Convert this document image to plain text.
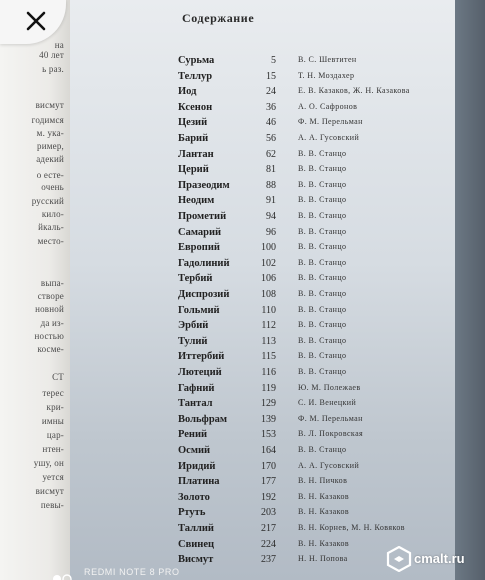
на
40 лет
ь раз.
висмут
годимся
м. ука-
ример,
адекий
о есте-
очень
русский
кило-
йкаль-
место-
выпа-
створе
новной
да из-
ностью
косме-
СТ
терес
кри-
имны
цар-
нтен-
ушу, он
уется
висмут
певы-
Содержание
Сурьма	5	В. С. Шевтитен
Теллур	15	Т. Н. Моздахер
Иод	24	Е. В. Казаков, Ж. Н. Казакова
Ксенон	36	А. О. Сафронов
Цезий	46	Ф. М. Перельман
Барий	56	А. А. Гусовский
Лантан	62	В. В. Станцо
Церий	81	В. В. Станцо
Празеодим	88	В. В. Станцо
Неодим	91	В. В. Станцо
Прометий	94	В. В. Станцо
Самарий	96	В. В. Станцо
Европий	100	В. В. Станцо
Гадолиний	102	В. В. Станцо
Тербий	106	В. В. Станцо
Диспрозий	108	В. В. Станцо
Гольмий	110	В. В. Станцо
Эрбий	112	В. В. Станцо
Тулий	113	В. В. Станцо
Иттербий	115	В. В. Станцо
Лютеций	116	В. В. Станцо
Гафний	119	Ю. М. Полежаев
Тантал	129	С. И. Венецкий
Вольфрам	139	Ф. М. Перельман
Рений	153	В. Л. Покровская
Осмий	164	В. В. Станцо
Иридий	170	А. А. Гусовский
Платина	177	В. Н. Пичков
Золото	192	В. Н. Казаков
Ртуть	203	В. Н. Казаков
Таллий	217	В. Н. Корнев, М. Н. Ковяков
Свинец	224	В. Н. Казаков
Висмут	237	Н. Н. Попова
REDMI NOTE 8 PRO
cmalt.ru
